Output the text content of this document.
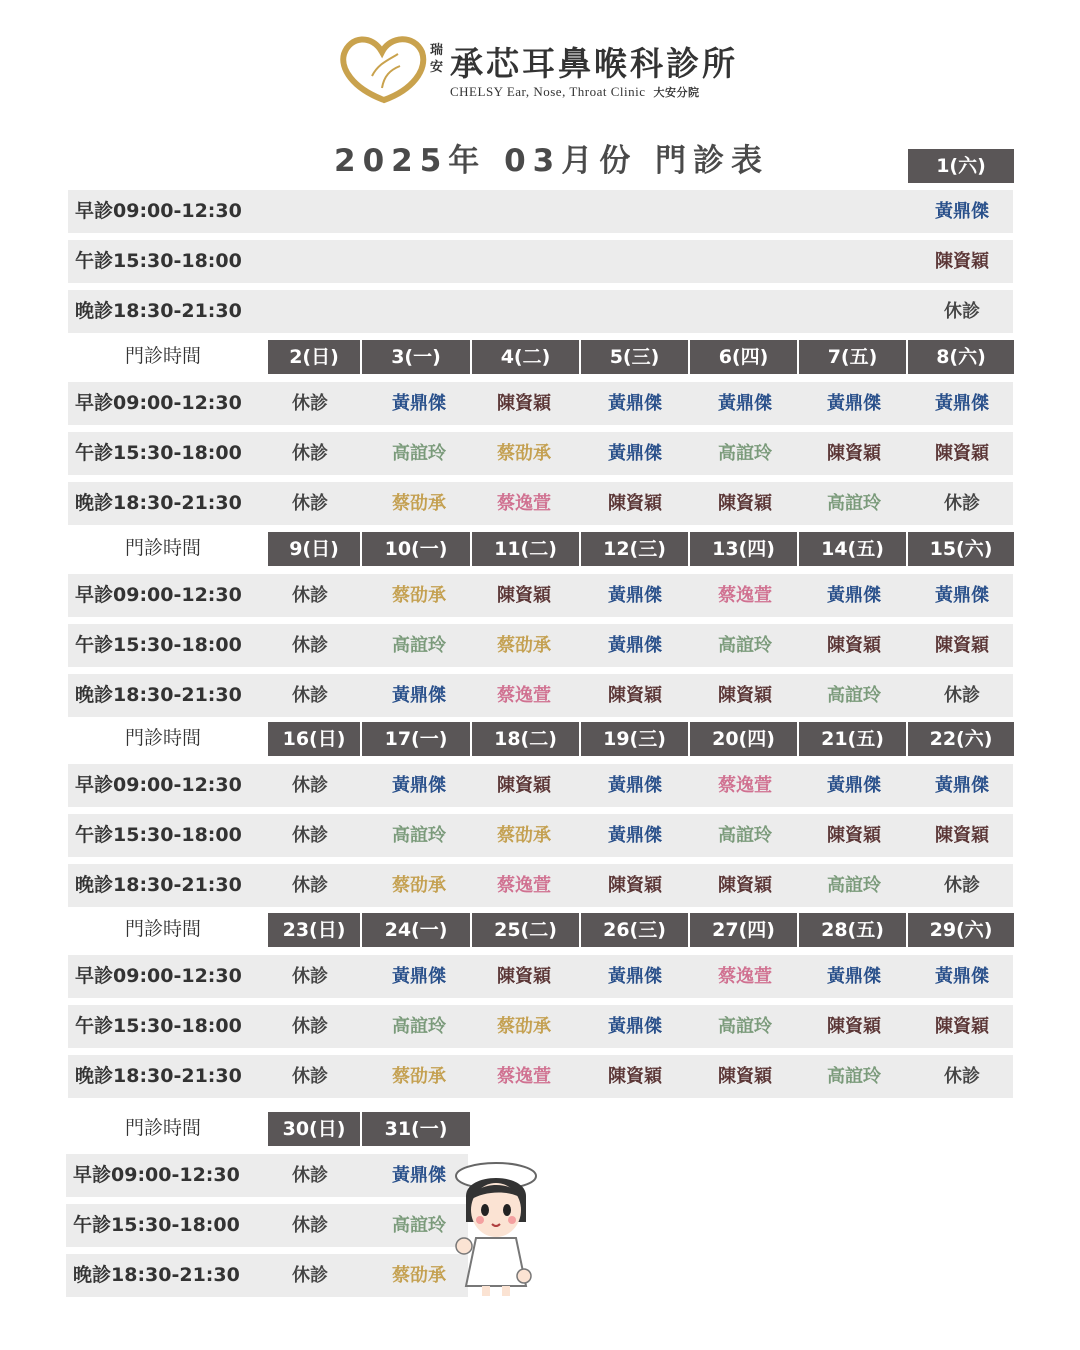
瑞安 承芯耳鼻喉科診所
CHELSY Ear, Nose, Throat Clinic 大安分院
2025年 03月份 門診表	1(六)
早診09:00-12:30	黃鼎傑
午診15:30-18:00	陳資穎
晚診18:30-21:30	休診
門診時間	2(日)	3(一)	4(二)	5(三)	6(四)	7(五)	8(六)
早診09:00-12:30	休診	黃鼎傑	陳資穎	黃鼎傑	黃鼎傑	黃鼎傑	黃鼎傑
午診15:30-18:00	休診	高誼玲	蔡劭承	黃鼎傑	高誼玲	陳資穎	陳資穎
晚診18:30-21:30	休診	蔡劭承	蔡逸萱	陳資穎	陳資穎	高誼玲	休診
門診時間	9(日)	10(一)	11(二)	12(三)	13(四)	14(五)	15(六)
早診09:00-12:30	休診	蔡劭承	陳資穎	黃鼎傑	蔡逸萱	黃鼎傑	黃鼎傑
午診15:30-18:00	休診	高誼玲	蔡劭承	黃鼎傑	高誼玲	陳資穎	陳資穎
晚診18:30-21:30	休診	黃鼎傑	蔡逸萱	陳資穎	陳資穎	高誼玲	休診
門診時間	16(日)	17(一)	18(二)	19(三)	20(四)	21(五)	22(六)
早診09:00-12:30	休診	黃鼎傑	陳資穎	黃鼎傑	蔡逸萱	黃鼎傑	黃鼎傑
午診15:30-18:00	休診	高誼玲	蔡劭承	黃鼎傑	高誼玲	陳資穎	陳資穎
晚診18:30-21:30	休診	蔡劭承	蔡逸萱	陳資穎	陳資穎	高誼玲	休診
門診時間	23(日)	24(一)	25(二)	26(三)	27(四)	28(五)	29(六)
早診09:00-12:30	休診	黃鼎傑	陳資穎	黃鼎傑	蔡逸萱	黃鼎傑	黃鼎傑
午診15:30-18:00	休診	高誼玲	蔡劭承	黃鼎傑	高誼玲	陳資穎	陳資穎
晚診18:30-21:30	休診	蔡劭承	蔡逸萱	陳資穎	陳資穎	高誼玲	休診
門診時間	30(日)	31(一)
早診09:00-12:30	休診	黃鼎傑
午診15:30-18:00	休診	高誼玲
晚診18:30-21:30	休診	蔡劭承
